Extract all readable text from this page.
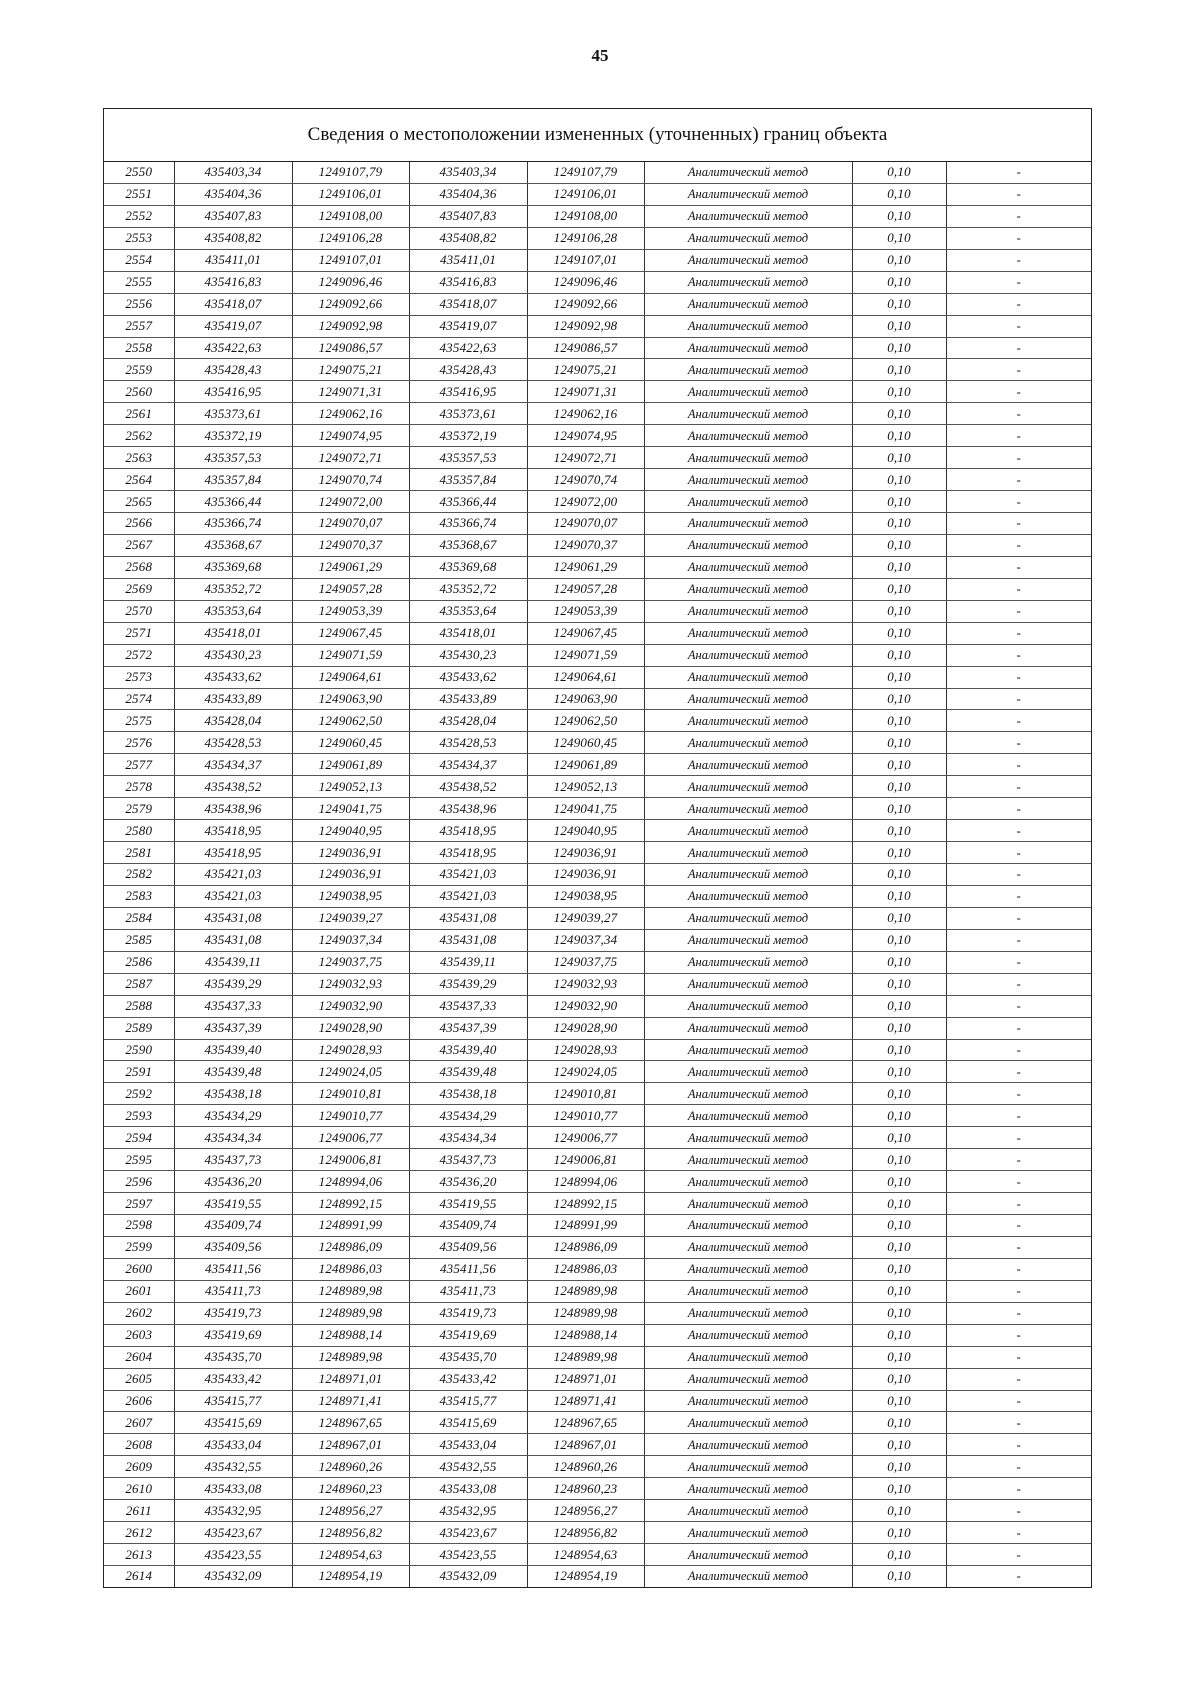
45
Сведения о местоположении измененных (уточненных) границ объекта
2550	435403,34	1249107,79	435403,34	1249107,79	Аналитический метод	0,10	-
2551	435404,36	1249106,01	435404,36	1249106,01	Аналитический метод	0,10	-
2552	435407,83	1249108,00	435407,83	1249108,00	Аналитический метод	0,10	-
2553	435408,82	1249106,28	435408,82	1249106,28	Аналитический метод	0,10	-
2554	435411,01	1249107,01	435411,01	1249107,01	Аналитический метод	0,10	-
2555	435416,83	1249096,46	435416,83	1249096,46	Аналитический метод	0,10	-
2556	435418,07	1249092,66	435418,07	1249092,66	Аналитический метод	0,10	-
2557	435419,07	1249092,98	435419,07	1249092,98	Аналитический метод	0,10	-
2558	435422,63	1249086,57	435422,63	1249086,57	Аналитический метод	0,10	-
2559	435428,43	1249075,21	435428,43	1249075,21	Аналитический метод	0,10	-
2560	435416,95	1249071,31	435416,95	1249071,31	Аналитический метод	0,10	-
2561	435373,61	1249062,16	435373,61	1249062,16	Аналитический метод	0,10	-
2562	435372,19	1249074,95	435372,19	1249074,95	Аналитический метод	0,10	-
2563	435357,53	1249072,71	435357,53	1249072,71	Аналитический метод	0,10	-
2564	435357,84	1249070,74	435357,84	1249070,74	Аналитический метод	0,10	-
2565	435366,44	1249072,00	435366,44	1249072,00	Аналитический метод	0,10	-
2566	435366,74	1249070,07	435366,74	1249070,07	Аналитический метод	0,10	-
2567	435368,67	1249070,37	435368,67	1249070,37	Аналитический метод	0,10	-
2568	435369,68	1249061,29	435369,68	1249061,29	Аналитический метод	0,10	-
2569	435352,72	1249057,28	435352,72	1249057,28	Аналитический метод	0,10	-
2570	435353,64	1249053,39	435353,64	1249053,39	Аналитический метод	0,10	-
2571	435418,01	1249067,45	435418,01	1249067,45	Аналитический метод	0,10	-
2572	435430,23	1249071,59	435430,23	1249071,59	Аналитический метод	0,10	-
2573	435433,62	1249064,61	435433,62	1249064,61	Аналитический метод	0,10	-
2574	435433,89	1249063,90	435433,89	1249063,90	Аналитический метод	0,10	-
2575	435428,04	1249062,50	435428,04	1249062,50	Аналитический метод	0,10	-
2576	435428,53	1249060,45	435428,53	1249060,45	Аналитический метод	0,10	-
2577	435434,37	1249061,89	435434,37	1249061,89	Аналитический метод	0,10	-
2578	435438,52	1249052,13	435438,52	1249052,13	Аналитический метод	0,10	-
2579	435438,96	1249041,75	435438,96	1249041,75	Аналитический метод	0,10	-
2580	435418,95	1249040,95	435418,95	1249040,95	Аналитический метод	0,10	-
2581	435418,95	1249036,91	435418,95	1249036,91	Аналитический метод	0,10	-
2582	435421,03	1249036,91	435421,03	1249036,91	Аналитический метод	0,10	-
2583	435421,03	1249038,95	435421,03	1249038,95	Аналитический метод	0,10	-
2584	435431,08	1249039,27	435431,08	1249039,27	Аналитический метод	0,10	-
2585	435431,08	1249037,34	435431,08	1249037,34	Аналитический метод	0,10	-
2586	435439,11	1249037,75	435439,11	1249037,75	Аналитический метод	0,10	-
2587	435439,29	1249032,93	435439,29	1249032,93	Аналитический метод	0,10	-
2588	435437,33	1249032,90	435437,33	1249032,90	Аналитический метод	0,10	-
2589	435437,39	1249028,90	435437,39	1249028,90	Аналитический метод	0,10	-
2590	435439,40	1249028,93	435439,40	1249028,93	Аналитический метод	0,10	-
2591	435439,48	1249024,05	435439,48	1249024,05	Аналитический метод	0,10	-
2592	435438,18	1249010,81	435438,18	1249010,81	Аналитический метод	0,10	-
2593	435434,29	1249010,77	435434,29	1249010,77	Аналитический метод	0,10	-
2594	435434,34	1249006,77	435434,34	1249006,77	Аналитический метод	0,10	-
2595	435437,73	1249006,81	435437,73	1249006,81	Аналитический метод	0,10	-
2596	435436,20	1248994,06	435436,20	1248994,06	Аналитический метод	0,10	-
2597	435419,55	1248992,15	435419,55	1248992,15	Аналитический метод	0,10	-
2598	435409,74	1248991,99	435409,74	1248991,99	Аналитический метод	0,10	-
2599	435409,56	1248986,09	435409,56	1248986,09	Аналитический метод	0,10	-
2600	435411,56	1248986,03	435411,56	1248986,03	Аналитический метод	0,10	-
2601	435411,73	1248989,98	435411,73	1248989,98	Аналитический метод	0,10	-
2602	435419,73	1248989,98	435419,73	1248989,98	Аналитический метод	0,10	-
2603	435419,69	1248988,14	435419,69	1248988,14	Аналитический метод	0,10	-
2604	435435,70	1248989,98	435435,70	1248989,98	Аналитический метод	0,10	-
2605	435433,42	1248971,01	435433,42	1248971,01	Аналитический метод	0,10	-
2606	435415,77	1248971,41	435415,77	1248971,41	Аналитический метод	0,10	-
2607	435415,69	1248967,65	435415,69	1248967,65	Аналитический метод	0,10	-
2608	435433,04	1248967,01	435433,04	1248967,01	Аналитический метод	0,10	-
2609	435432,55	1248960,26	435432,55	1248960,26	Аналитический метод	0,10	-
2610	435433,08	1248960,23	435433,08	1248960,23	Аналитический метод	0,10	-
2611	435432,95	1248956,27	435432,95	1248956,27	Аналитический метод	0,10	-
2612	435423,67	1248956,82	435423,67	1248956,82	Аналитический метод	0,10	-
2613	435423,55	1248954,63	435423,55	1248954,63	Аналитический метод	0,10	-
2614	435432,09	1248954,19	435432,09	1248954,19	Аналитический метод	0,10	-
